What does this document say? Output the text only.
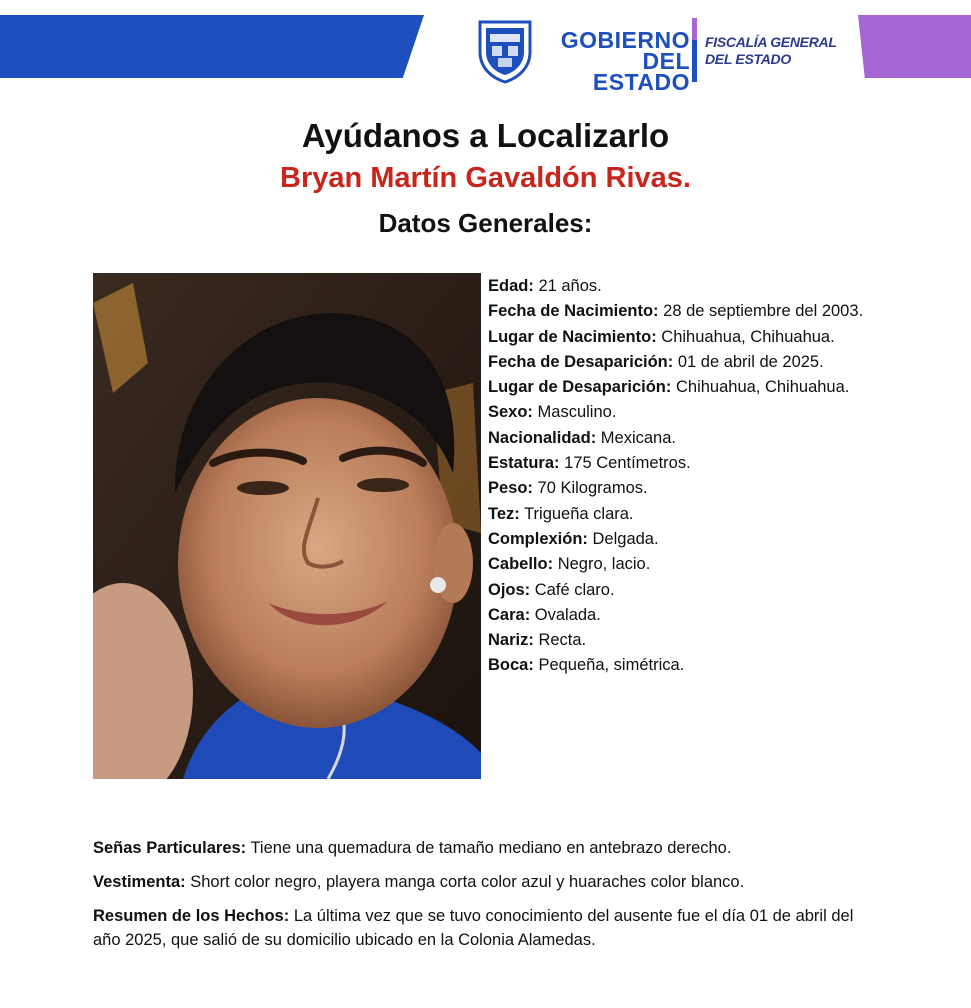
GOBIERNO
DEL ESTADO
FISCALÍA GENERAL
DEL ESTADO
Ayúdanos a Localizarlo
Bryan Martín Gavaldón Rivas.
Datos Generales:
Edad: 21 años.
Fecha de Nacimiento: 28 de septiembre del 2003.
Lugar de Nacimiento: Chihuahua, Chihuahua.
Fecha de Desaparición: 01 de abril de 2025.
Lugar de Desaparición: Chihuahua, Chihuahua.
Sexo: Masculino.
Nacionalidad: Mexicana.
Estatura: 175 Centímetros.
Peso: 70 Kilogramos.
Tez: Trigueña clara.
Complexión: Delgada.
Cabello: Negro, lacio.
Ojos: Café claro.
Cara: Ovalada.
Nariz: Recta.
Boca: Pequeña, simétrica.

Señas Particulares: Tiene una quemadura de tamaño mediano en antebrazo derecho.

Vestimenta: Short color negro, playera manga corta color azul y huaraches color blanco.

Resumen de los Hechos: La última vez que se tuvo conocimiento del ausente fue el día 01 de abril del año 2025, que salió de su domicilio ubicado en la Colonia Alamedas.
